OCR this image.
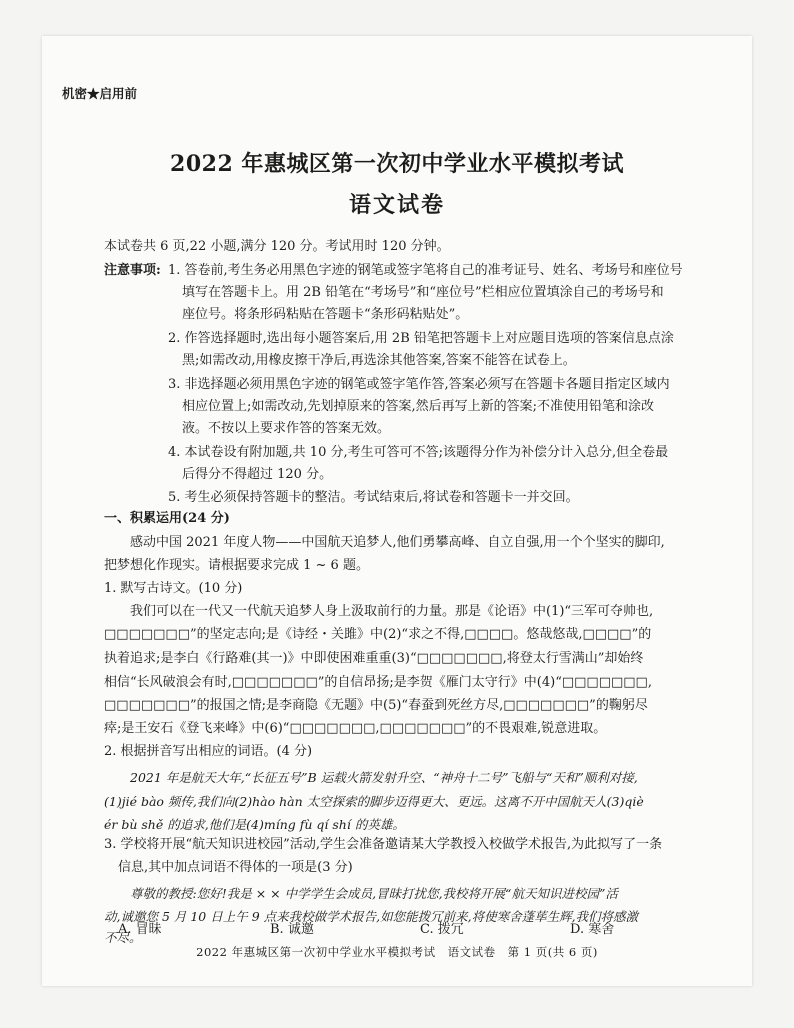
机密★启用前
2022 年惠城区第一次初中学业水平模拟考试
语文试卷
本试卷共 6 页,22 小题,满分 120 分。考试用时 120 分钟。
注意事项: 1. 答卷前,考生务必用黑色字迹的钢笔或签字笔将自己的准考证号、姓名、考场号和座位号
填写在答题卡上。用 2B 铅笔在“考场号”和“座位号”栏相应位置填涂自己的考场号和
座位号。将条形码粘贴在答题卡“条形码粘贴处”。
2. 作答选择题时,选出每小题答案后,用 2B 铅笔把答题卡上对应题目选项的答案信息点涂
黑;如需改动,用橡皮擦干净后,再选涂其他答案,答案不能答在试卷上。
3. 非选择题必须用黑色字迹的钢笔或签字笔作答,答案必须写在答题卡各题目指定区域内
相应位置上;如需改动,先划掉原来的答案,然后再写上新的答案;不准使用铅笔和涂改
液。不按以上要求作答的答案无效。
4. 本试卷设有附加题,共 10 分,考生可答可不答;该题得分作为补偿分计入总分,但全卷最
后得分不得超过 120 分。
5. 考生必须保持答题卡的整洁。考试结束后,将试卷和答题卡一并交回。
一、积累运用(24 分)
感动中国 2021 年度人物——中国航天追梦人,他们勇攀高峰、自立自强,用一个个坚实的脚印,
把梦想化作现实。请根据要求完成 1 ~ 6 题。
1. 默写古诗文。(10 分)
我们可以在一代又一代航天追梦人身上汲取前行的力量。那是《论语》中(1)“三军可夺帅也,
□□□□□□□”的坚定志向;是《诗经・关雎》中(2)“求之不得,□□□□。悠哉悠哉,□□□□”的
执着追求;是李白《行路难(其一)》中即使困难重重(3)“□□□□□□□,将登太行雪满山”却始终
相信“长风破浪会有时,□□□□□□□”的自信昂扬;是李贺《雁门太守行》中(4)“□□□□□□□,
□□□□□□□”的报国之情;是李商隐《无题》中(5)“春蚕到死丝方尽,□□□□□□□”的鞠躬尽
瘁;是王安石《登飞来峰》中(6)“□□□□□□□,□□□□□□□”的不畏艰难,锐意进取。
2. 根据拼音写出相应的词语。(4 分)
2021 年是航天大年,“长征五号”B 运载火箭发射升空、“神舟十二号”飞船与“天和”顺利对接,
(1)jié bào 频传,我们向(2)hào hàn 太空探索的脚步迈得更大、更远。这离不开中国航天人(3)qiè
ér bù shě 的追求,他们是(4)míng fù qí shí 的英雄。
3. 学校将开展“航天知识进校园”活动,学生会准备邀请某大学教授入校做学术报告,为此拟写了一条
信息,其中加点词语不得体的一项是(3 分)
尊敬的教授:您好!我是 × × 中学学生会成员,冒昧打扰您,我校将开展“航天知识进校园”活
动,诚邀您 5 月 10 日上午 9 点来我校做学术报告,如您能拨冗前来,将使寒舍蓬荜生辉,我们将感激
不尽。
A. 冒昧	B. 诚邀	C. 拨冗	D. 寒舍
2022 年惠城区第一次初中学业水平模拟考试　语文试卷　第 1 页(共 6 页)
